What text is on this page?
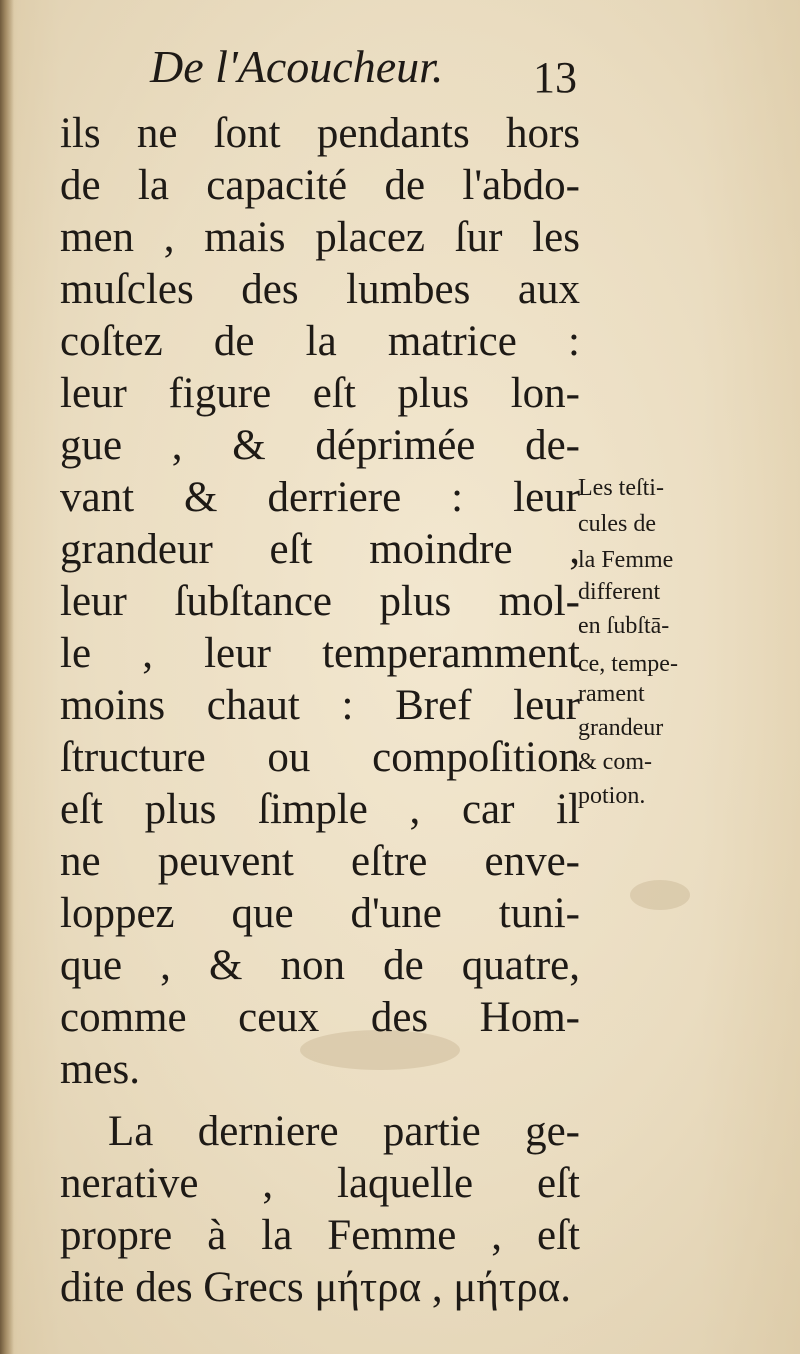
De l'Acoucheur. 13
ils ne ſont pendants hors
de la capacité de l'abdo-
men , mais placez ſur les
muſcles des lumbes aux
coſtez de la matrice :
leur figure eſt plus lon-
gue , & déprimée de-
vant & derriere : leur
grandeur eſt moindre ,
leur ſubſtance plus mol-
le , leur temperamment
moins chaut : Bref leur
ſtructure ou compoſition
eſt plus ſimple , car il
ne peuvent eſtre enve-
loppez que d'une tuni-
que , & non de quatre,
comme ceux des Hom-
mes.
La derniere partie ge-
nerative , laquelle eſt
propre à la Femme , eſt
dite des Grecs μήτρα , μήτρα.
Les teſti-
cules de
la Femme
different
en ſubſtā-
ce, tempe-
rament
grandeur
& com-
potion.
